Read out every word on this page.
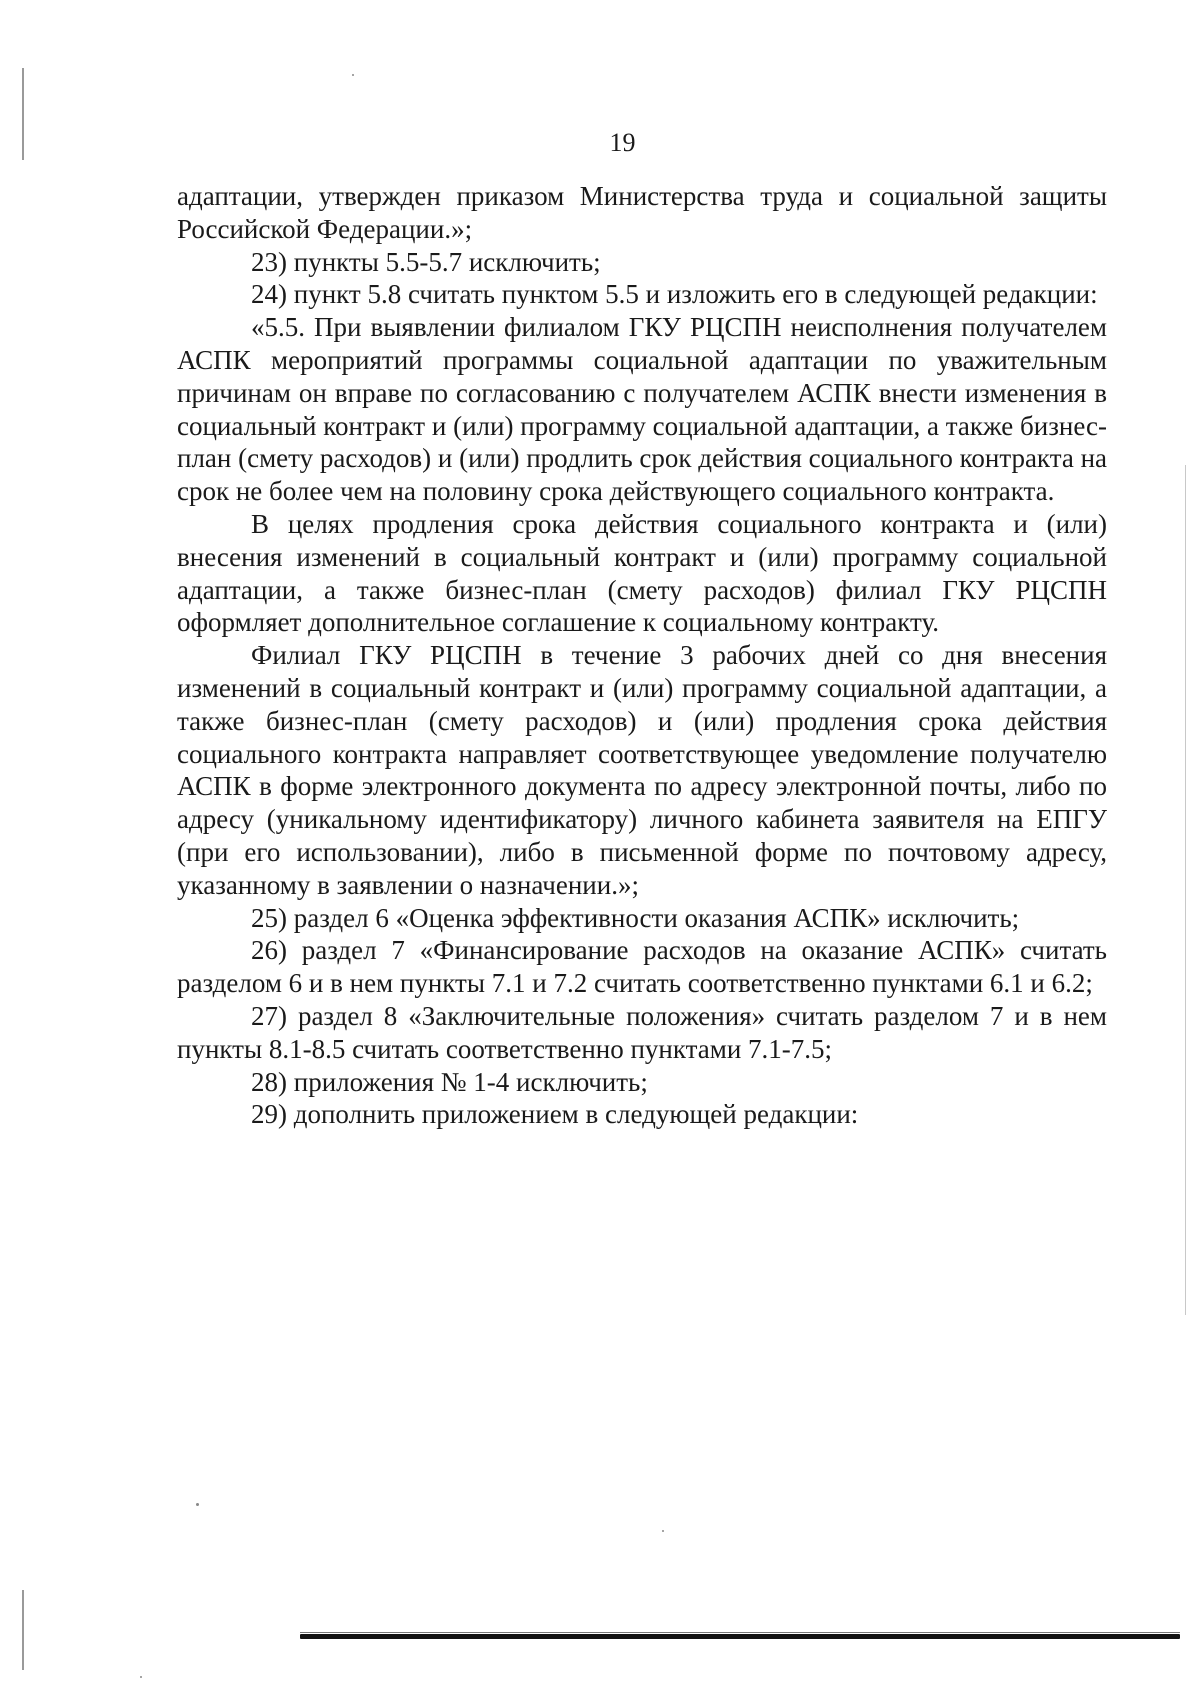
19

адаптации, утвержден приказом Министерства труда и социальной защиты Российской Федерации.»;

23) пункты 5.5-5.7 исключить;

24) пункт 5.8 считать пунктом 5.5 и изложить его в следующей редакции:

«5.5. При выявлении филиалом ГКУ РЦСПН неисполнения получателем АСПК мероприятий программы социальной адаптации по уважительным причинам он вправе по согласованию с получателем АСПК внести изменения в социальный контракт и (или) программу социальной адаптации, а также бизнес-план (смету расходов) и (или) продлить срок действия социального контракта на срок не более чем на половину срока действующего социального контракта.

В целях продления срока действия социального контракта и (или) внесения изменений в социальный контракт и (или) программу социальной адаптации, а также бизнес-план (смету расходов) филиал ГКУ РЦСПН оформляет дополнительное соглашение к социальному контракту.

Филиал ГКУ РЦСПН в течение 3 рабочих дней со дня внесения изменений в социальный контракт и (или) программу социальной адаптации, а также бизнес-план (смету расходов) и (или) продления срока действия социального контракта направляет соответствующее уведомление получателю АСПК в форме электронного документа по адресу электронной почты, либо по адресу (уникальному идентификатору) личного кабинета заявителя на ЕПГУ (при его использовании), либо в письменной форме по почтовому адресу, указанному в заявлении о назначении.»;

25) раздел 6 «Оценка эффективности оказания АСПК» исключить;

26) раздел 7 «Финансирование расходов на оказание АСПК» считать разделом 6 и в нем пункты 7.1 и 7.2 считать соответственно пунктами 6.1 и 6.2;

27) раздел 8 «Заключительные положения» считать разделом 7 и в нем пункты 8.1-8.5 считать соответственно пунктами 7.1-7.5;

28) приложения № 1-4 исключить;

29) дополнить приложением в следующей редакции:
